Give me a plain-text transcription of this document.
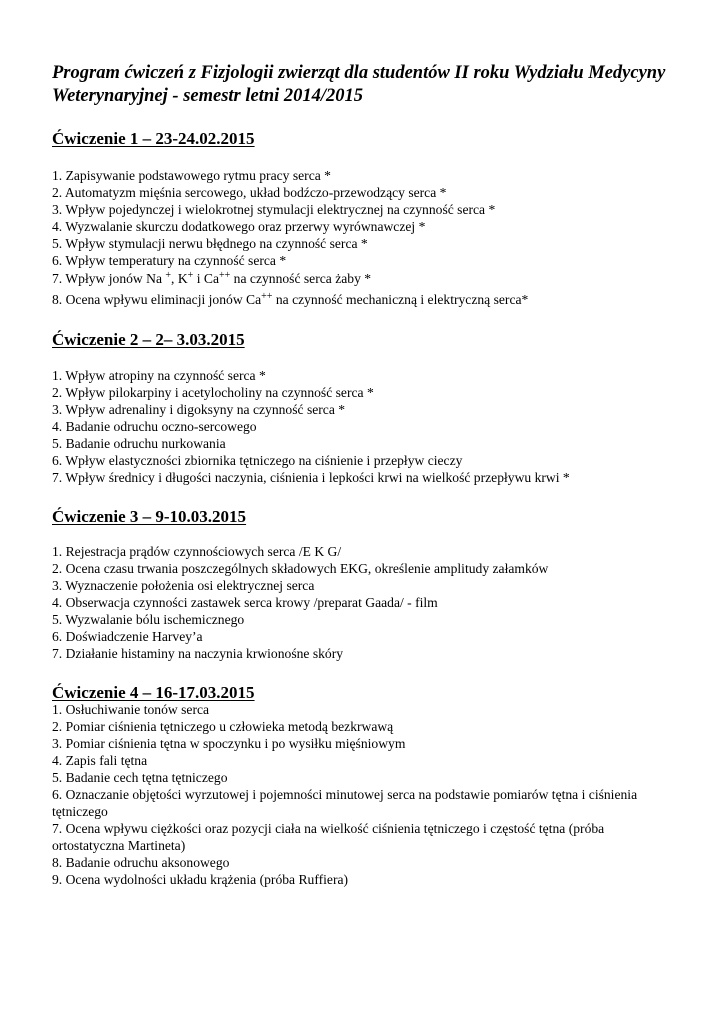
Program ćwiczeń z Fizjologii zwierząt dla studentów II roku Wydziału Medycyny Weterynaryjnej - semestr letni 2014/2015
Ćwiczenie 1 – 23-24.02.2015
1. Zapisywanie podstawowego rytmu pracy serca *
2. Automatyzm mięśnia sercowego, układ bodźczo-przewodzący serca *
3. Wpływ pojedynczej i wielokrotnej stymulacji elektrycznej na czynność serca *
4. Wyzwalanie skurczu dodatkowego oraz przerwy wyrównawczej *
5. Wpływ stymulacji nerwu błędnego na czynność serca *
6. Wpływ temperatury na czynność serca *
7. Wpływ jonów Na +, K+ i Ca++ na czynność serca żaby *
8. Ocena wpływu eliminacji jonów Ca++ na czynność mechaniczną i elektryczną serca*
Ćwiczenie 2 – 2– 3.03.2015
1. Wpływ atropiny na czynność serca *
2. Wpływ pilokarpiny i acetylocholiny na czynność serca *
3. Wpływ adrenaliny i digoksyny na czynność serca *
4. Badanie odruchu oczno-sercowego
5. Badanie odruchu nurkowania
6. Wpływ elastyczności zbiornika tętniczego na ciśnienie i przepływ cieczy
7. Wpływ średnicy i długości naczynia, ciśnienia i lepkości krwi na wielkość przepływu krwi *
Ćwiczenie 3 – 9-10.03.2015
1. Rejestracja prądów czynnościowych serca /E K G/
2. Ocena czasu trwania poszczególnych składowych EKG, określenie amplitudy załamków
3. Wyznaczenie położenia osi elektrycznej serca
4. Obserwacja czynności zastawek serca krowy /preparat Gaada/ - film
5. Wyzwalanie bólu ischemicznego
6. Doświadczenie Harvey’a
7. Działanie histaminy na naczynia krwionośne skóry
Ćwiczenie 4 – 16-17.03.2015
1. Osłuchiwanie tonów serca
2. Pomiar ciśnienia tętniczego u człowieka metodą bezkrwawą
3. Pomiar ciśnienia tętna w spoczynku i po wysiłku mięśniowym
4. Zapis fali tętna
5. Badanie cech tętna tętniczego
6. Oznaczanie objętości wyrzutowej i pojemności minutowej serca na podstawie pomiarów tętna i ciśnienia tętniczego
7. Ocena wpływu ciężkości oraz pozycji ciała na wielkość ciśnienia tętniczego i częstość tętna (próba ortostatyczna Martineta)
8. Badanie odruchu aksonowego
9. Ocena wydolności układu krążenia (próba Ruffiera)
